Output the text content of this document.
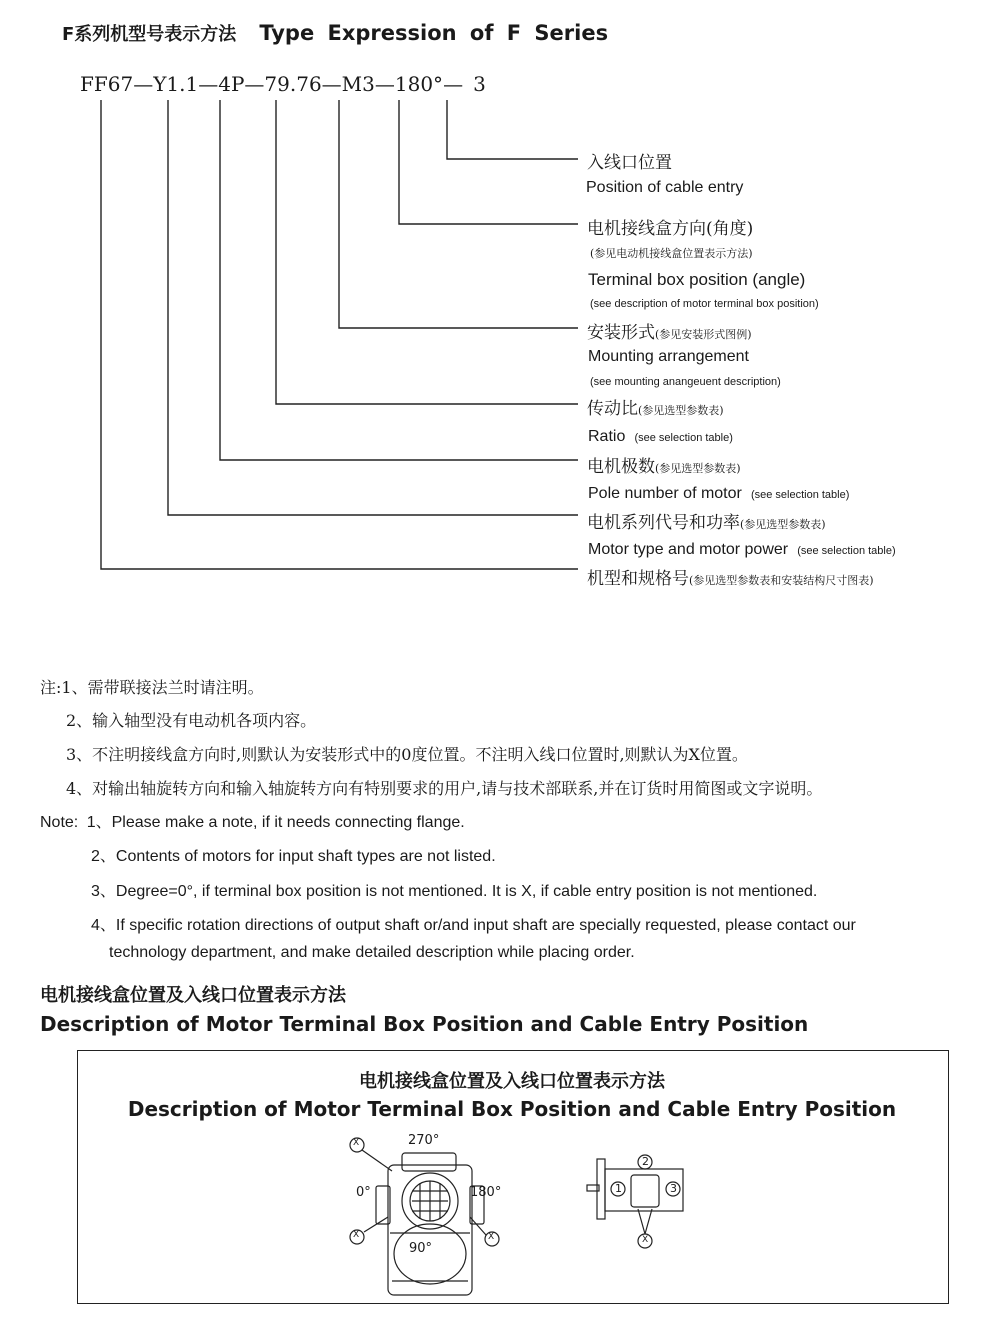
F系列机型号表示方法 Type Expression of F Series
FF67—Y1.1—4P—79.76—M3—180°— 3
入线口位置
Position of cable entry
电机接线盒方向(角度)
(参见电动机接线盒位置表示方法)
Terminal box position (angle)
(see description of motor terminal box position)
安装形式(参见安装形式图例)
Mounting arrangement
(see mounting anangeuent description)
传动比(参见选型参数表)
Ratio (see selection table)
电机极数(参见选型参数表)
Pole number of motor (see selection table)
电机系列代号和功率(参见选型参数表)
Motor type and motor power (see selection table)
机型和规格号(参见选型参数表和安装结构尺寸图表)
注:1、需带联接法兰时请注明。
2、输入轴型没有电动机各项内容。
3、不注明接线盒方向时,则默认为安装形式中的0度位置。不注明入线口位置时,则默认为X位置。
4、对输出轴旋转方向和输入轴旋转方向有特别要求的用户,请与技术部联系,并在订货时用简图或文字说明。
Note: 1、Please make a note, if it needs connecting flange.
2、Contents of motors for input shaft types are not listed.
3、Degree=0°, if terminal box position is not mentioned. It is X, if cable entry position is not mentioned.
4、If specific rotation directions of output shaft or/and input shaft are specially requested, please contact our
technology department, and make detailed description while placing order.
电机接线盒位置及入线口位置表示方法
Description of Motor Terminal Box Position and Cable Entry Position
电机接线盒位置及入线口位置表示方法
Description of Motor Terminal Box Position and Cable Entry Position
270°
0°	180°
90°
X
X	X
1
2
3
X
